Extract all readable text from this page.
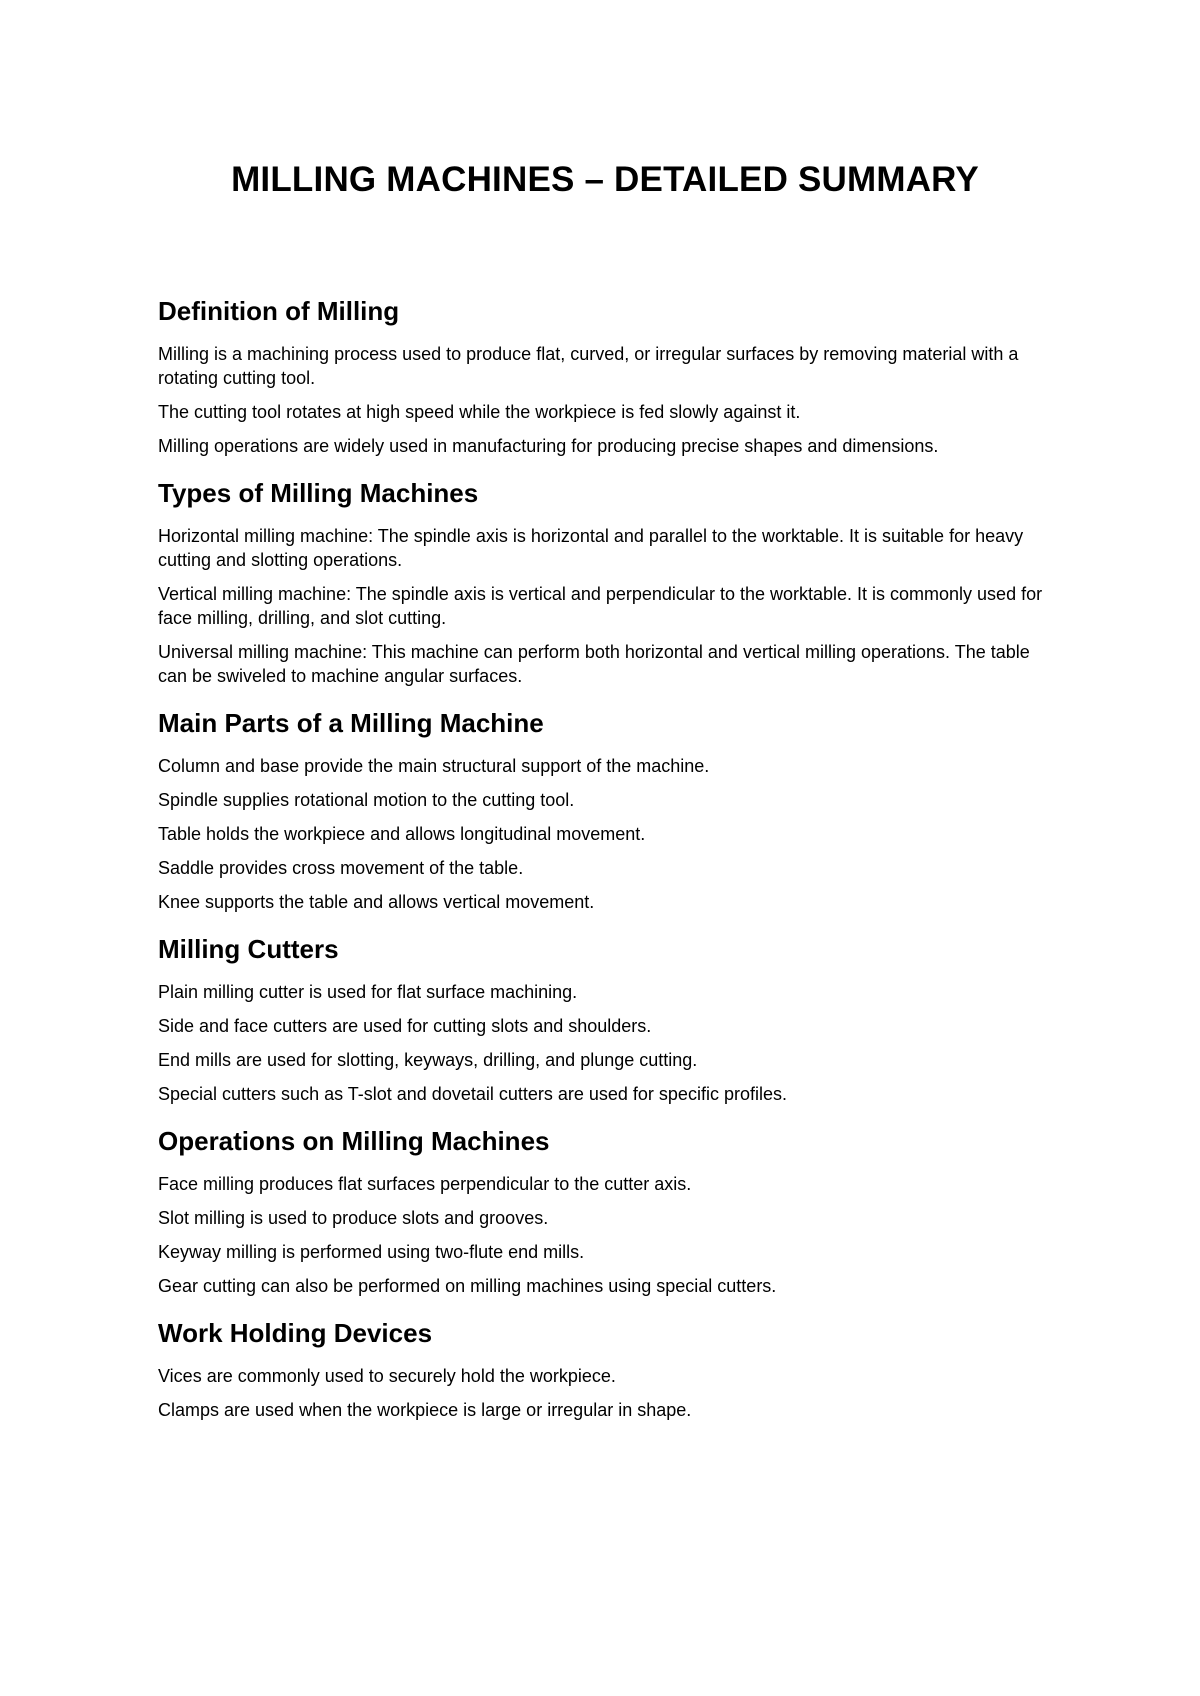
MILLING MACHINES – DETAILED SUMMARY
Definition of Milling

Milling is a machining process used to produce flat, curved, or irregular surfaces by removing material with a rotating cutting tool.

The cutting tool rotates at high speed while the workpiece is fed slowly against it.

Milling operations are widely used in manufacturing for producing precise shapes and dimensions.

Types of Milling Machines

Horizontal milling machine: The spindle axis is horizontal and parallel to the worktable. It is suitable for heavy cutting and slotting operations.

Vertical milling machine: The spindle axis is vertical and perpendicular to the worktable. It is commonly used for face milling, drilling, and slot cutting.

Universal milling machine: This machine can perform both horizontal and vertical milling operations. The table can be swiveled to machine angular surfaces.

Main Parts of a Milling Machine

Column and base provide the main structural support of the machine.

Spindle supplies rotational motion to the cutting tool.

Table holds the workpiece and allows longitudinal movement.

Saddle provides cross movement of the table.

Knee supports the table and allows vertical movement.

Milling Cutters

Plain milling cutter is used for flat surface machining.

Side and face cutters are used for cutting slots and shoulders.

End mills are used for slotting, keyways, drilling, and plunge cutting.

Special cutters such as T-slot and dovetail cutters are used for specific profiles.

Operations on Milling Machines

Face milling produces flat surfaces perpendicular to the cutter axis.

Slot milling is used to produce slots and grooves.

Keyway milling is performed using two-flute end mills.

Gear cutting can also be performed on milling machines using special cutters.

Work Holding Devices

Vices are commonly used to securely hold the workpiece.

Clamps are used when the workpiece is large or irregular in shape.
